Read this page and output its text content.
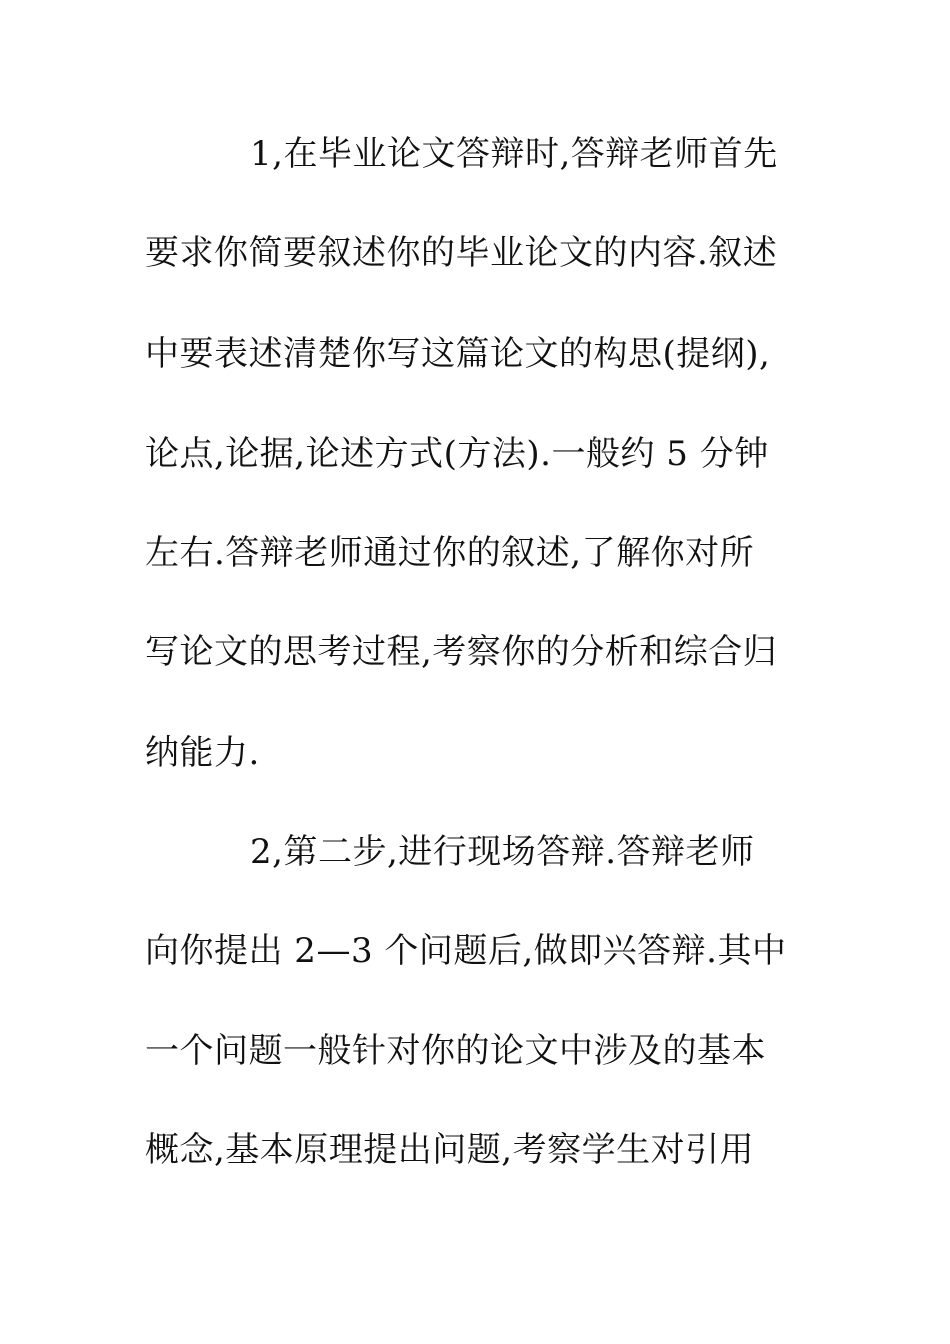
1,在毕业论文答辩时,答辩老师首先
要求你简要叙述你的毕业论文的内容.叙述
中要表述清楚你写这篇论文的构思(提纲),
论点,论据,论述方式(方法).一般约 5 分钟
左右.答辩老师通过你的叙述,了解你对所
写论文的思考过程,考察你的分析和综合归
纳能力.
2,第二步,进行现场答辩.答辩老师
向你提出 2—3 个问题后,做即兴答辩.其中
一个问题一般针对你的论文中涉及的基本
概念,基本原理提出问题,考察学生对引用
